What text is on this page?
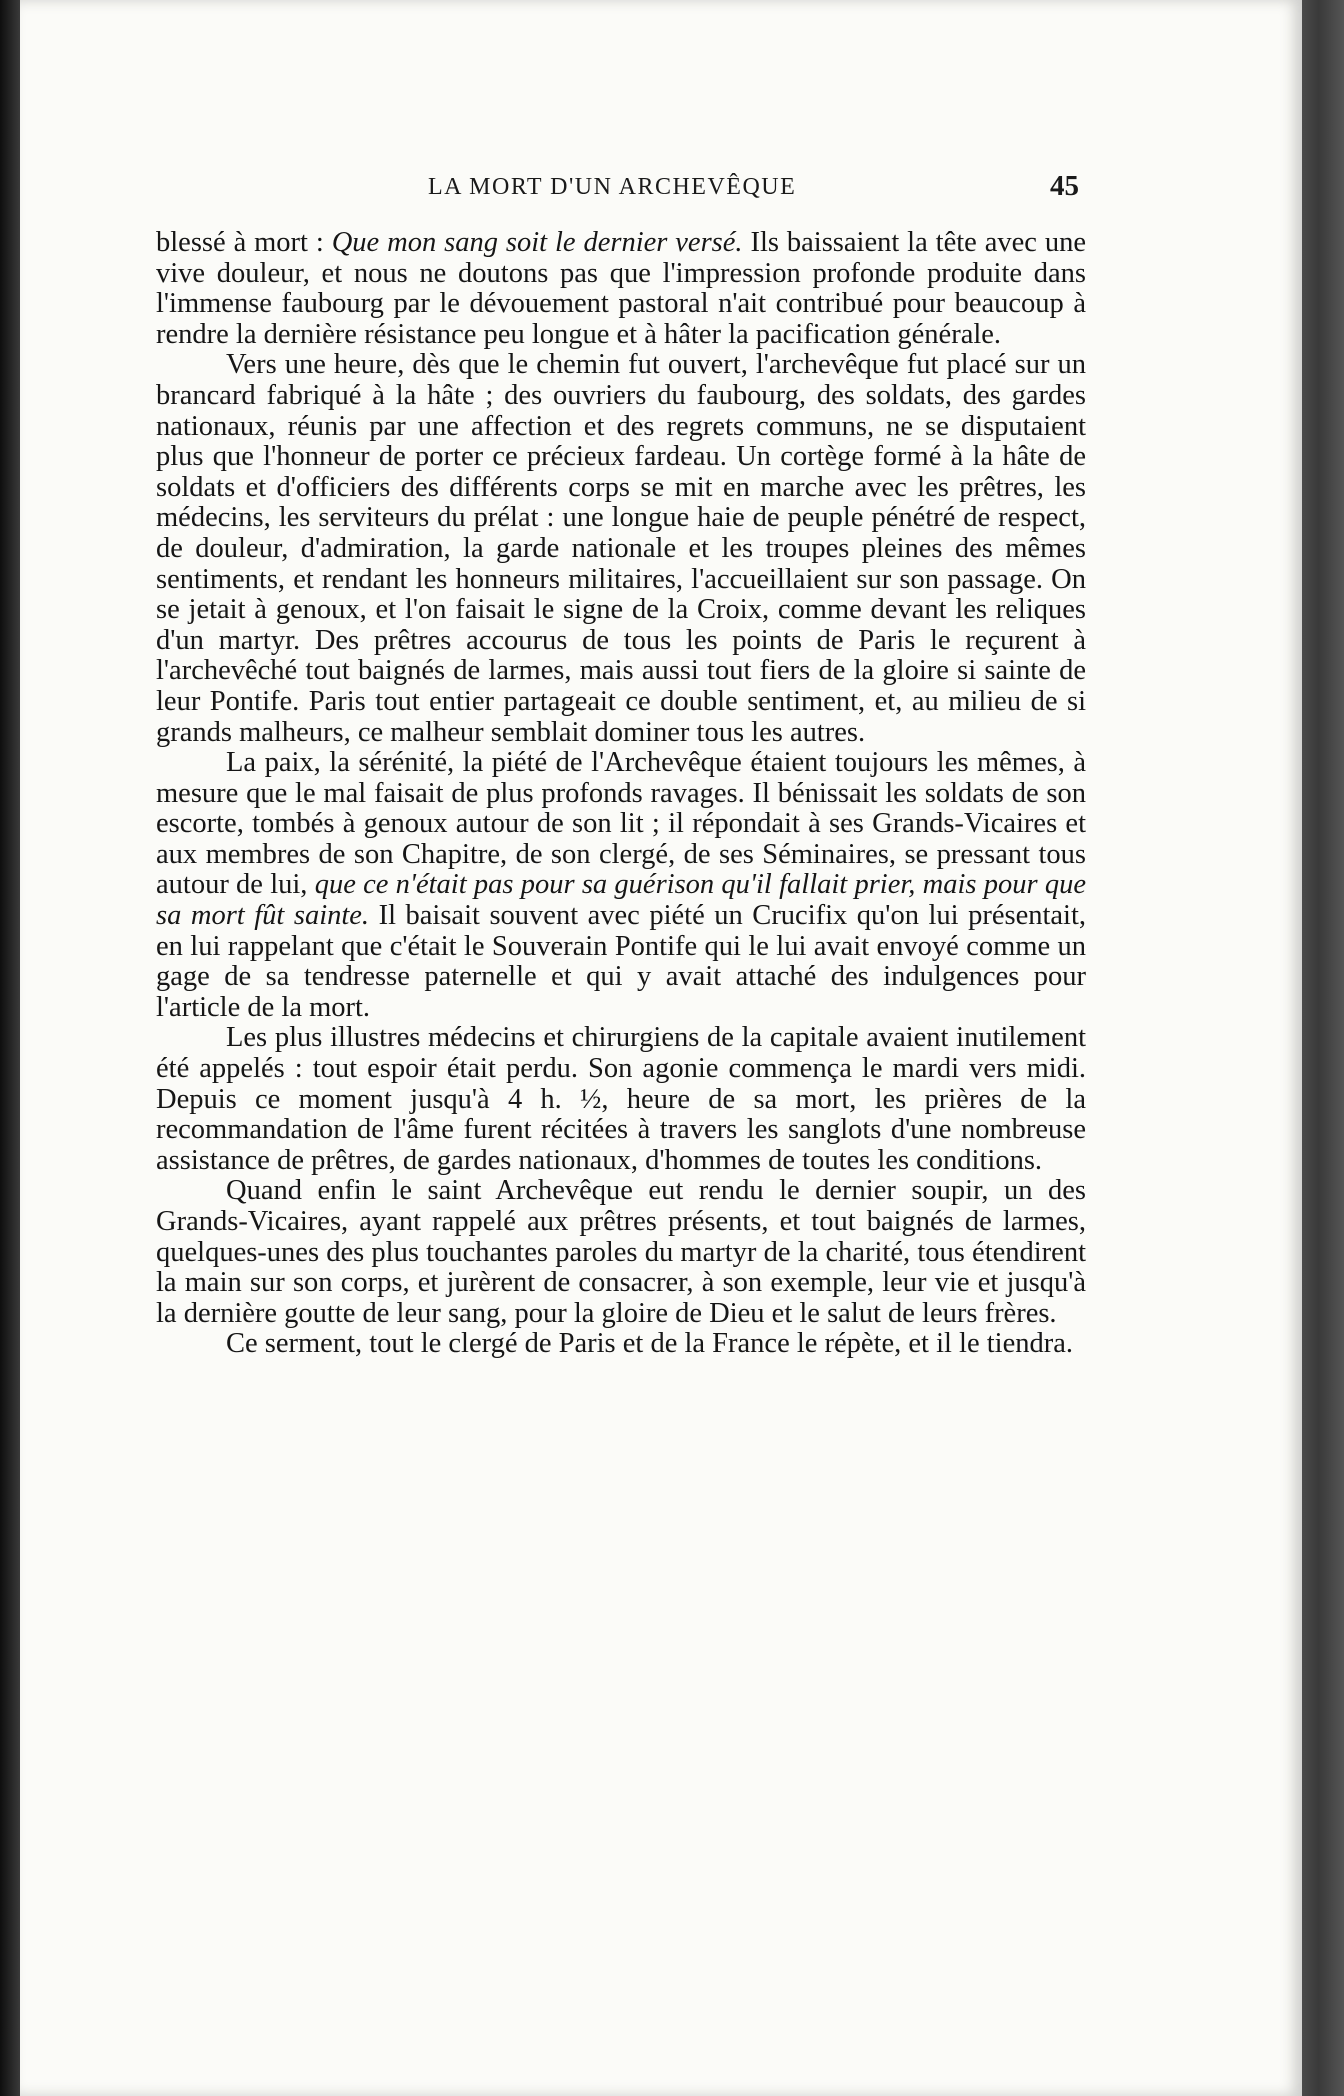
LA MORT D'UN ARCHEVÊQUE	45

blessé à mort : Que mon sang soit le dernier versé. Ils baissaient la tête avec une vive douleur, et nous ne doutons pas que l'impression profonde produite dans l'immense faubourg par le dévouement pastoral n'ait contribué pour beaucoup à rendre la dernière résistance peu longue et à hâter la pacification générale.

Vers une heure, dès que le chemin fut ouvert, l'archevêque fut placé sur un brancard fabriqué à la hâte ; des ouvriers du faubourg, des soldats, des gardes nationaux, réunis par une affection et des regrets communs, ne se disputaient plus que l'honneur de porter ce précieux fardeau. Un cortège formé à la hâte de soldats et d'officiers des différents corps se mit en marche avec les prêtres, les médecins, les serviteurs du prélat : une longue haie de peuple pénétré de respect, de douleur, d'admiration, la garde nationale et les troupes pleines des mêmes sentiments, et rendant les honneurs militaires, l'accueillaient sur son passage. On se jetait à genoux, et l'on faisait le signe de la Croix, comme devant les reliques d'un martyr. Des prêtres accourus de tous les points de Paris le reçurent à l'archevêché tout baignés de larmes, mais aussi tout fiers de la gloire si sainte de leur Pontife. Paris tout entier partageait ce double sentiment, et, au milieu de si grands malheurs, ce malheur semblait dominer tous les autres.

La paix, la sérénité, la piété de l'Archevêque étaient toujours les mêmes, à mesure que le mal faisait de plus profonds ravages. Il bénissait les soldats de son escorte, tombés à genoux autour de son lit ; il répondait à ses Grands-Vicaires et aux membres de son Chapitre, de son clergé, de ses Séminaires, se pressant tous autour de lui, que ce n'était pas pour sa guérison qu'il fallait prier, mais pour que sa mort fût sainte. Il baisait souvent avec piété un Crucifix qu'on lui présentait, en lui rappelant que c'était le Souverain Pontife qui le lui avait envoyé comme un gage de sa tendresse paternelle et qui y avait attaché des indulgences pour l'article de la mort.

Les plus illustres médecins et chirurgiens de la capitale avaient inutilement été appelés : tout espoir était perdu. Son agonie commença le mardi vers midi. Depuis ce moment jusqu'à 4 h. ½, heure de sa mort, les prières de la recommandation de l'âme furent récitées à travers les sanglots d'une nombreuse assistance de prêtres, de gardes nationaux, d'hommes de toutes les conditions.

Quand enfin le saint Archevêque eut rendu le dernier soupir, un des Grands-Vicaires, ayant rappelé aux prêtres présents, et tout baignés de larmes, quelques-unes des plus touchantes paroles du martyr de la charité, tous étendirent la main sur son corps, et jurèrent de consacrer, à son exemple, leur vie et jusqu'à la dernière goutte de leur sang, pour la gloire de Dieu et le salut de leurs frères.

Ce serment, tout le clergé de Paris et de la France le répète, et il le tiendra.
